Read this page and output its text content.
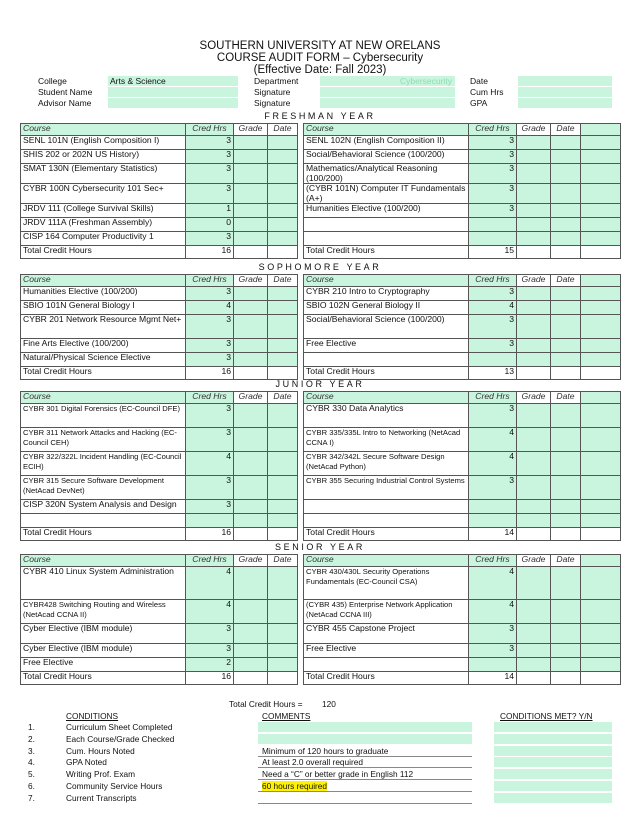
SOUTHERN UNIVERSITY AT NEW ORELANS
COURSE AUDIT FORM – Cybersecurity
(Effective Date: Fall 2023)
College	Arts & Science
Student Name
Advisor Name
Department	Cybersecurity
Signature
Signature
Date
Cum Hrs
GPA
FRESHMAN YEAR
Course	Cred Hrs	Grade	Date		Course	Cred Hrs	Grade	Date	
SENL 101N (English Composition I)	3				SENL 102N (English Composition II)	3			
SHIS 202 or 202N US History)	3				Social/Behavioral Science (100/200)	3			
SMAT 130N (Elementary Statistics)	3				Mathematics/Analytical Reasoning (100/200)	3			
CYBR 100N Cybersecurity 101 Sec+	3				(CYBR 101N) Computer IT Fundamentals (A+)	3			
JRDV 111 (College Survival Skills)	1				Humanities Elective (100/200)	3			
JRDV 111A (Freshman Assembly)	0								
CISP 164 Computer Productivity 1	3								
Total Credit Hours	16				Total Credit Hours	15			
SOPHOMORE YEAR
Course	Cred Hrs	Grade	Date		Course	Cred Hrs	Grade	Date	
Humanities Elective (100/200)	3				CYBR 210 Intro to Cryptography	3			
SBIO 101N General Biology I	4				SBIO 102N General Biology II	4			
CYBR 201 Network Resource Mgmt Net+	3				Social/Behavioral Science (100/200)	3			
Fine Arts Elective (100/200)	3				Free Elective	3			
Natural/Physical Science Elective	3								
Total Credit Hours	16				Total Credit Hours	13			
JUNIOR YEAR
Course	Cred Hrs	Grade	Date		Course	Cred Hrs	Grade	Date	
CYBR 301 Digital Forensics (EC-Council DFE)	3				CYBR 330 Data Analytics	3			
CYBR 311 Network Attacks and Hacking (EC-Council CEH)	3				CYBR 335/335L Intro to Networking (NetAcad CCNA I)	4			
CYBR 322/322L Incident Handling (EC-Council ECIH)	4				CYBR 342/342L Secure Software Design (NetAcad Python)	4			
CYBR 315 Secure Software Development (NetAcad DevNet)	3				CYBR 355 Securing Industrial Control Systems	3			
CISP 320N System Analysis and Design	3								

Total Credit Hours	16				Total Credit Hours	14			
SENIOR YEAR
Course	Cred Hrs	Grade	Date		Course	Cred Hrs	Grade	Date	
CYBR 410 Linux System Administration	4				CYBR 430/430L Security Operations Fundamentals (EC-Council CSA)	4			
CYBR428 Switching Routing and Wireless (NetAcad CCNA II)	4				(CYBR 435) Enterprise Network Application (NetAcad CCNA III)	4			
Cyber Elective (IBM module)	3				CYBR 455 Capstone Project	3			
Cyber Elective (IBM module)	3				Free Elective	3			
Free Elective	2								
Total Credit Hours	16				Total Credit Hours	14			
Total Credit Hours = 120
CONDITIONS	COMMENTS	CONDITIONS MET? Y/N
1.	Curriculum Sheet Completed
2.	Each Course/Grade Checked
3.	Cum. Hours Noted	Minimum of 120 hours to graduate
4.	GPA Noted	At least 2.0 overall required
5.	Writing Prof. Exam	Need a “C” or better grade in English 112
6.	Community Service Hours	60 hours required
7.	Current Transcripts
